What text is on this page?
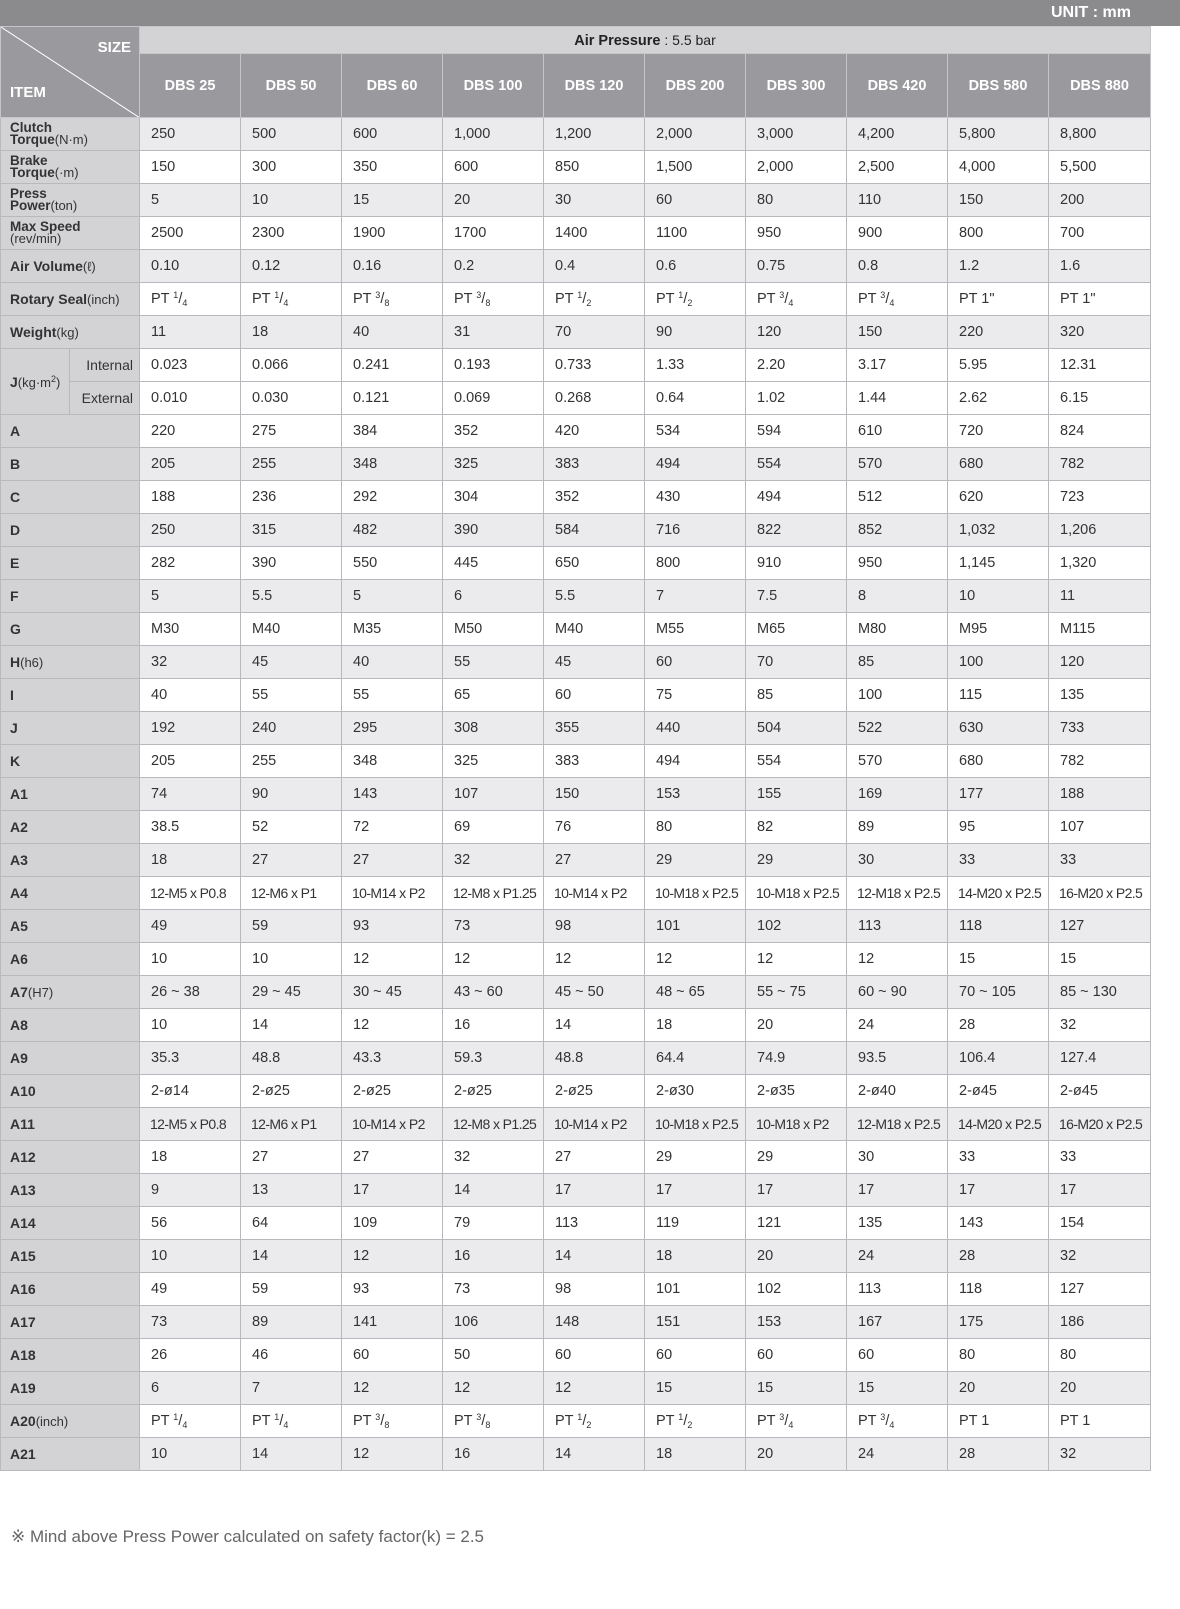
UNIT : mm
SIZE
ITEM		Air Pressure : 5.5 bar									
		DBS 25	DBS 50	DBS 60	DBS 100	DBS 120	DBS 200	DBS 300	DBS 420	DBS 580	DBS 880
Clutch
Torque(N·m)		250	500	600	1,000	1,200	2,000	3,000	4,200	5,800	8,800
Brake
Torque(·m)		150	300	350	600	850	1,500	2,000	2,500	4,000	5,500
Press
Power(ton)		5	10	15	20	30	60	80	110	150	200
Max Speed
(rev/min)		2500	2300	1900	1700	1400	1100	950	900	800	700
Air Volume(ℓ)		0.10	0.12	0.16	0.2	0.4	0.6	0.75	0.8	1.2	1.6
Rotary Seal(inch)		PT $^1/_4$	PT $^1/_4$	PT $^3/_8$	PT $^3/_8$	PT $^1/_2$	PT $^1/_2$	PT $^3/_4$	PT $^3/_4$	PT 1"	PT 1"
Weight(kg)		11	18	40	31	70	90	120	150	220	320
$J(kg\cdot m^2)$	Internal	0.023	0.066	0.241	0.193	0.733	1.33	2.20	3.17	5.95	12.31
	External	0.010	0.030	0.121	0.069	0.268	0.64	1.02	1.44	2.62	6.15
A		220	275	384	352	420	534	594	610	720	824
B		205	255	348	325	383	494	554	570	680	782
C		188	236	292	304	352	430	494	512	620	723
D		250	315	482	390	584	716	822	852	1,032	1,206
E		282	390	550	445	650	800	910	950	1,145	1,320
F		5	5.5	5	6	5.5	7	7.5	8	10	11
G		M30	M40	M35	M50	M40	M55	M65	M80	M95	M115
H(h6)		32	45	40	55	45	60	70	85	100	120
I		40	55	55	65	60	75	85	100	115	135
J		192	240	295	308	355	440	504	522	630	733
K		205	255	348	325	383	494	554	570	680	782
A1		74	90	143	107	150	153	155	169	177	188
A2		38.5	52	72	69	76	80	82	89	95	107
A3		18	27	27	32	27	29	29	30	33	33
A4		12-M5 x P0.8	12-M6 x P1	10-M14 x P2	12-M8 x P1.25	10-M14 x P2	10-M18 x P2.5	10-M18 x P2.5	12-M18 x P2.5	14-M20 x P2.5	16-M20 x P2.5
A5		49	59	93	73	98	101	102	113	118	127
A6		10	10	12	12	12	12	12	12	15	15
A7(H7)		26 ~ 38	29 ~ 45	30 ~ 45	43 ~ 60	45 ~ 50	48 ~ 65	55 ~ 75	60 ~ 90	70 ~ 105	85 ~ 130
A8		10	14	12	16	14	18	20	24	28	32
A9		35.3	48.8	43.3	59.3	48.8	64.4	74.9	93.5	106.4	127.4
A10		2-ø14	2-ø25	2-ø25	2-ø25	2-ø25	2-ø30	2-ø35	2-ø40	2-ø45	2-ø45
A11		12-M5 x P0.8	12-M6 x P1	10-M14 x P2	12-M8 x P1.25	10-M14 x P2	10-M18 x P2.5	10-M18 x P2	12-M18 x P2.5	14-M20 x P2.5	16-M20 x P2.5
A12		18	27	27	32	27	29	29	30	33	33
A13		9	13	17	14	17	17	17	17	17	17
A14		56	64	109	79	113	119	121	135	143	154
A15		10	14	12	16	14	18	20	24	28	32
A16		49	59	93	73	98	101	102	113	118	127
A17		73	89	141	106	148	151	153	167	175	186
A18		26	46	60	50	60	60	60	60	80	80
A19		6	7	12	12	12	15	15	15	20	20
A20(inch)		PT $^1/_4$	PT $^1/_4$	PT $^3/_8$	PT $^3/_8$	PT $^1/_2$	PT $^1/_2$	PT $^3/_4$	PT $^3/_4$	PT 1	PT 1
A21		10	14	12	16	14	18	20	24	28	32
※ Mind above Press Power calculated on safety factor(k) = 2.5
